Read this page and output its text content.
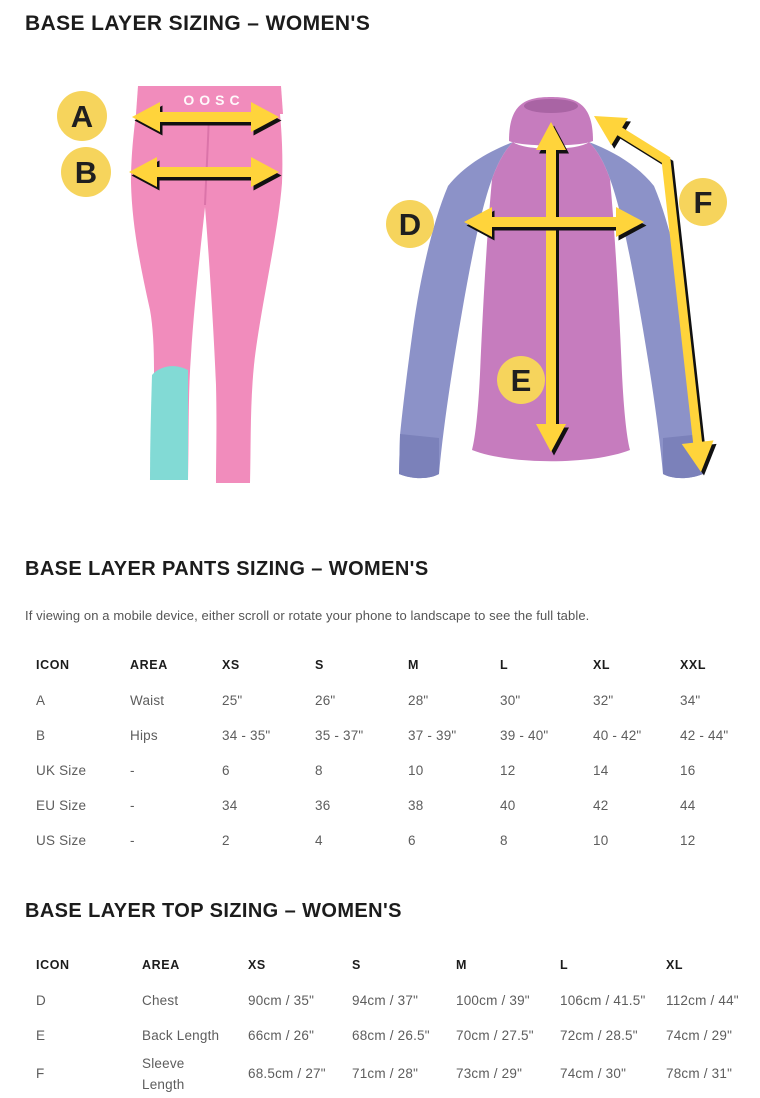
BASE LAYER SIZING – WOMEN'S
OOSC
A
B
D
E
F
BASE LAYER PANTS SIZING – WOMEN'S

If viewing on a mobile device, either scroll or rotate your phone to landscape to see the full table.

ICON	AREA	XS	S	M	L	XL	XXL
A	Waist	25"	26"	28"	30"	32"	34"
B	Hips	34 - 35"	35 - 37"	37 - 39"	39 - 40"	40 - 42"	42 - 44"
UK Size	-	6	8	10	12	14	16
EU Size	-	34	36	38	40	42	44
US Size	-	2	4	6	8	10	12
BASE LAYER TOP SIZING – WOMEN'S
ICON	AREA	XS	S	M	L	XL
D	Chest	90cm / 35"	94cm / 37"	100cm / 39"	106cm / 41.5"	112cm / 44"
E	Back Length	66cm / 26"	68cm / 26.5"	70cm / 27.5"	72cm / 28.5"	74cm / 29"
F	Sleeve Length	68.5cm / 27"	71cm / 28"	73cm / 29"	74cm / 30"	78cm / 31"
